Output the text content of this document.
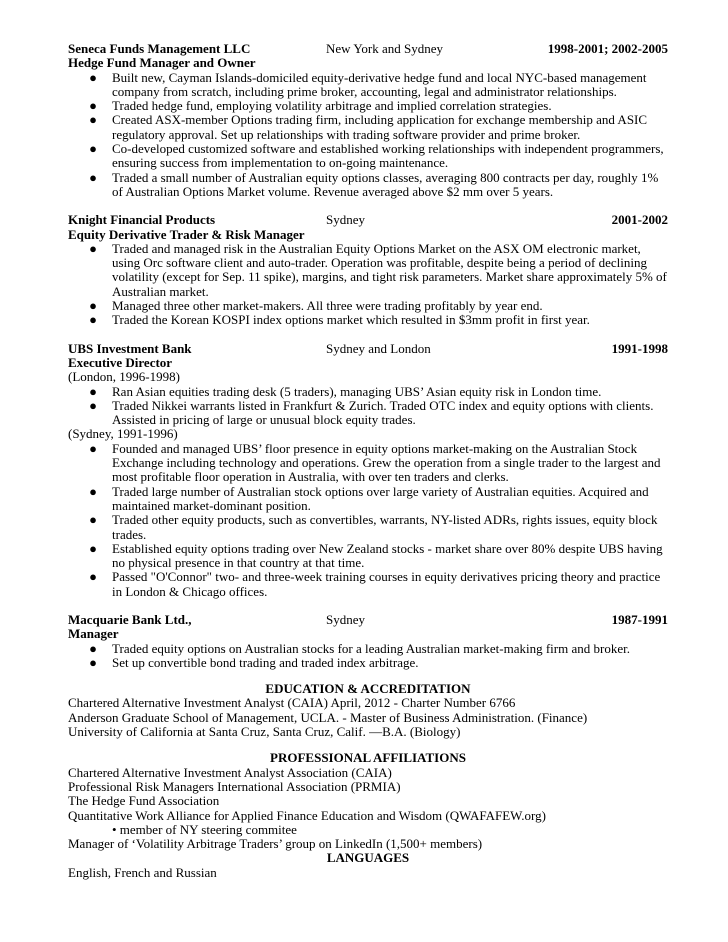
Seneca Funds Management LLC	New York and Sydney	1998-2001; 2002-2005
Hedge Fund Manager and Owner
● Built new, Cayman Islands-domiciled equity-derivative hedge fund and local NYC-based management company from scratch, including prime broker, accounting, legal and administrator relationships.
● Traded hedge fund, employing volatility arbitrage and implied correlation strategies.
● Created ASX-member Options trading firm, including application for exchange membership and ASIC regulatory approval. Set up relationships with trading software provider and prime broker.
● Co-developed customized software and established working relationships with independent programmers, ensuring success from implementation to on-going maintenance.
● Traded a small number of Australian equity options classes, averaging 800 contracts per day, roughly 1% of Australian Options Market volume. Revenue averaged above $2 mm over 5 years.
Knight Financial Products	Sydney	2001-2002
Equity Derivative Trader & Risk Manager
● Traded and managed risk in the Australian Equity Options Market on the ASX OM electronic market, using Orc software client and auto-trader. Operation was profitable, despite being a period of declining volatility (except for Sep. 11 spike), margins, and tight risk parameters. Market share approximately 5% of Australian market.
● Managed three other market-makers. All three were trading profitably by year end.
● Traded the Korean KOSPI index options market which resulted in $3mm profit in first year.
UBS Investment Bank	Sydney and London	1991-1998
Executive Director
(London, 1996-1998)
● Ran Asian equities trading desk (5 traders), managing UBS’ Asian equity risk in London time.
● Traded Nikkei warrants listed in Frankfurt & Zurich. Traded OTC index and equity options with clients. Assisted in pricing of large or unusual block equity trades.
(Sydney, 1991-1996)
● Founded and managed UBS’ floor presence in equity options market-making on the Australian Stock Exchange including technology and operations. Grew the operation from a single trader to the largest and most profitable floor operation in Australia, with over ten traders and clerks.
● Traded large number of Australian stock options over large variety of Australian equities. Acquired and maintained market-dominant position.
● Traded other equity products, such as convertibles, warrants, NY-listed ADRs, rights issues, equity block trades.
● Established equity options trading over New Zealand stocks - market share over 80% despite UBS having no physical presence in that country at that time.
● Passed "O'Connor" two- and three-week training courses in equity derivatives pricing theory and practice in London & Chicago offices.
Macquarie Bank Ltd.,	Sydney	1987-1991
Manager
● Traded equity options on Australian stocks for a leading Australian market-making firm and broker.
● Set up convertible bond trading and traded index arbitrage.
EDUCATION & ACCREDITATION
Chartered Alternative Investment Analyst (CAIA) April, 2012 - Charter Number 6766
Anderson Graduate School of Management, UCLA. - Master of Business Administration. (Finance)
University of California at Santa Cruz, Santa Cruz, Calif. —B.A. (Biology)
PROFESSIONAL AFFILIATIONS
Chartered Alternative Investment Analyst Association (CAIA)
Professional Risk Managers International Association (PRMIA)
The Hedge Fund Association
Quantitative Work Alliance for Applied Finance Education and Wisdom (QWAFAFEW.org)
• member of NY steering commitee
Manager of ‘Volatility Arbitrage Traders’ group on LinkedIn (1,500+ members)
LANGUAGES
English, French and Russian
